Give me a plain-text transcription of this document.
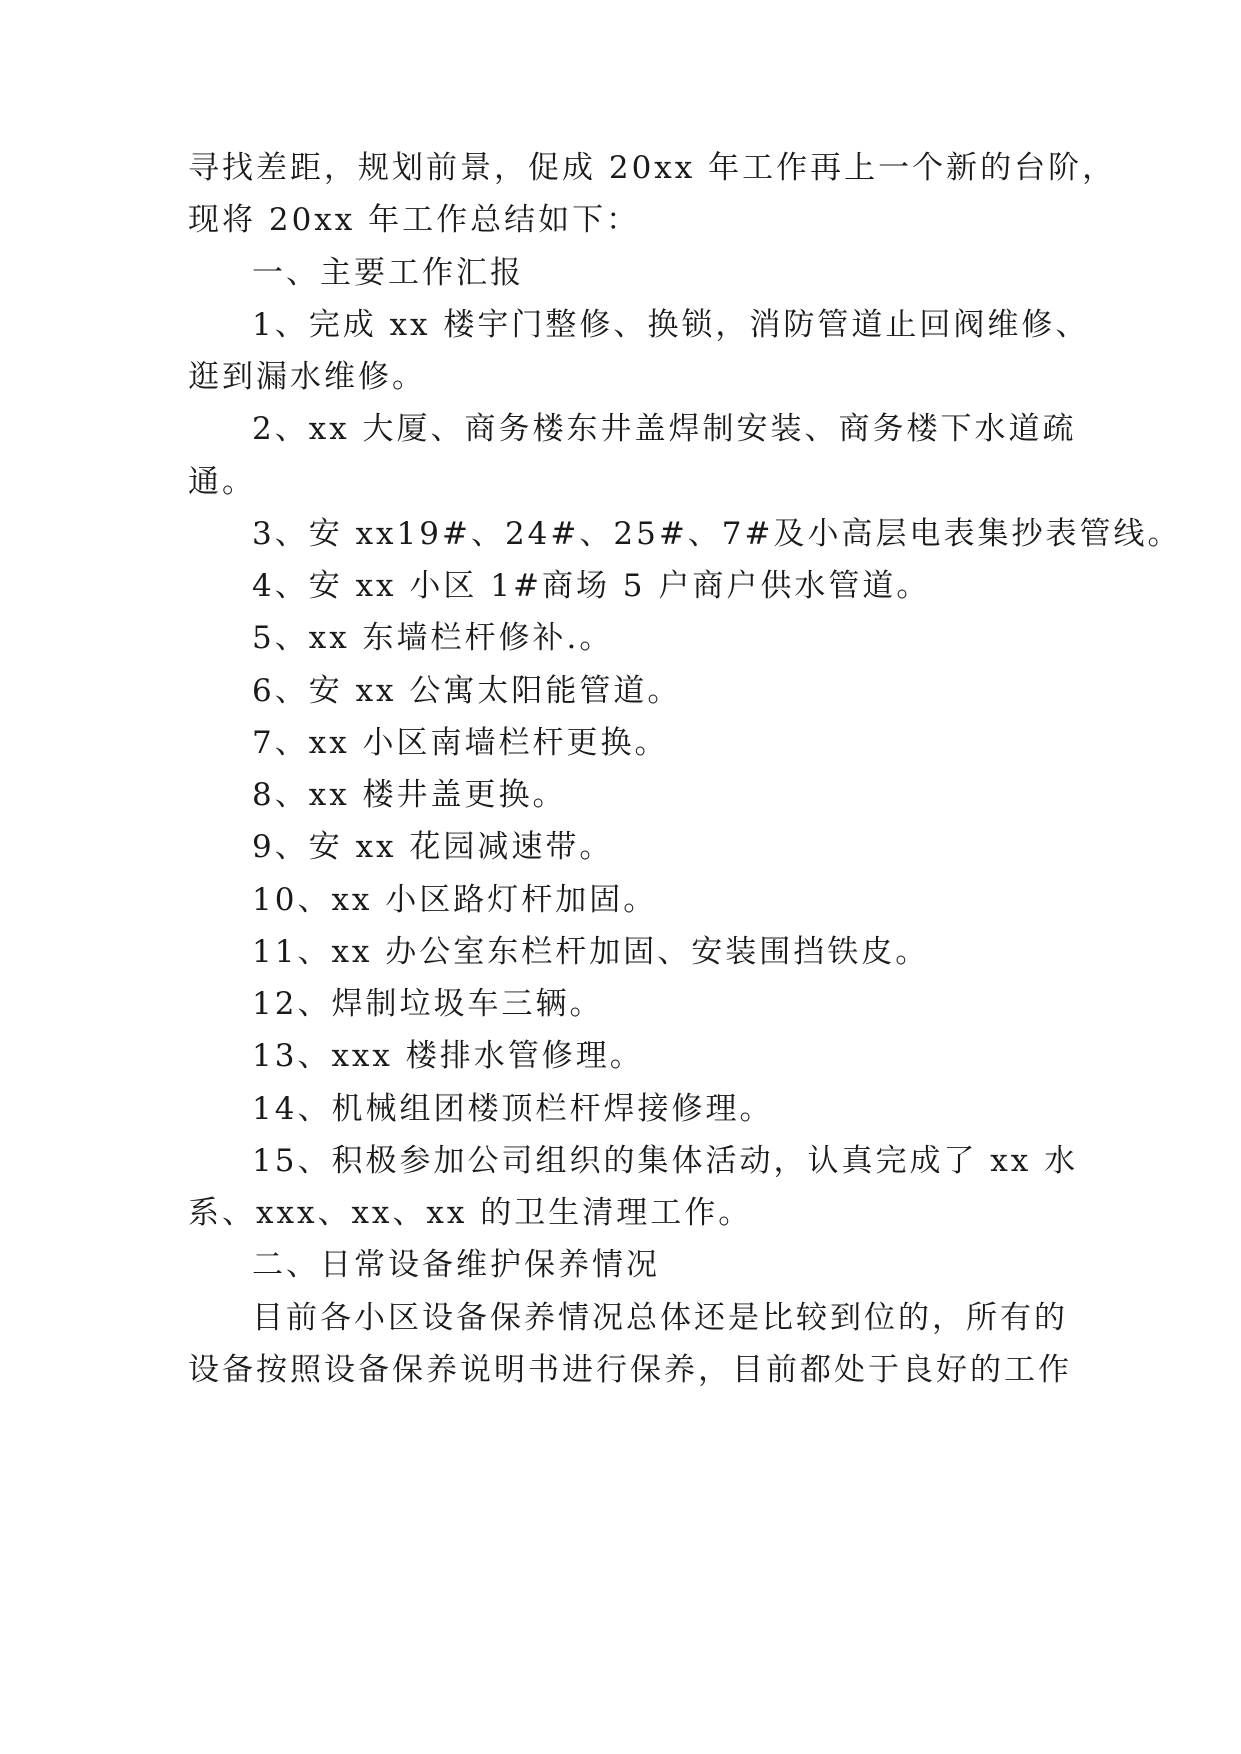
寻找差距，规划前景，促成 20xx 年工作再上一个新的台阶，
现将 20xx 年工作总结如下：
一、主要工作汇报
1、完成 xx 楼宇门整修、换锁，消防管道止回阀维修、
逛到漏水维修。
2、xx 大厦、商务楼东井盖焊制安装、商务楼下水道疏
通。
3、安 xx19#、24#、25#、7#及小高层电表集抄表管线。
4、安 xx 小区 1#商场 5 户商户供水管道。
5、xx 东墙栏杆修补.。
6、安 xx 公寓太阳能管道。
7、xx 小区南墙栏杆更换。
8、xx 楼井盖更换。
9、安 xx 花园减速带。
10、xx 小区路灯杆加固。
11、xx 办公室东栏杆加固、安装围挡铁皮。
12、焊制垃圾车三辆。
13、xxx 楼排水管修理。
14、机械组团楼顶栏杆焊接修理。
15、积极参加公司组织的集体活动，认真完成了 xx 水
系、xxx、xx、xx 的卫生清理工作。
二、日常设备维护保养情况
目前各小区设备保养情况总体还是比较到位的，所有的
设备按照设备保养说明书进行保养，目前都处于良好的工作
